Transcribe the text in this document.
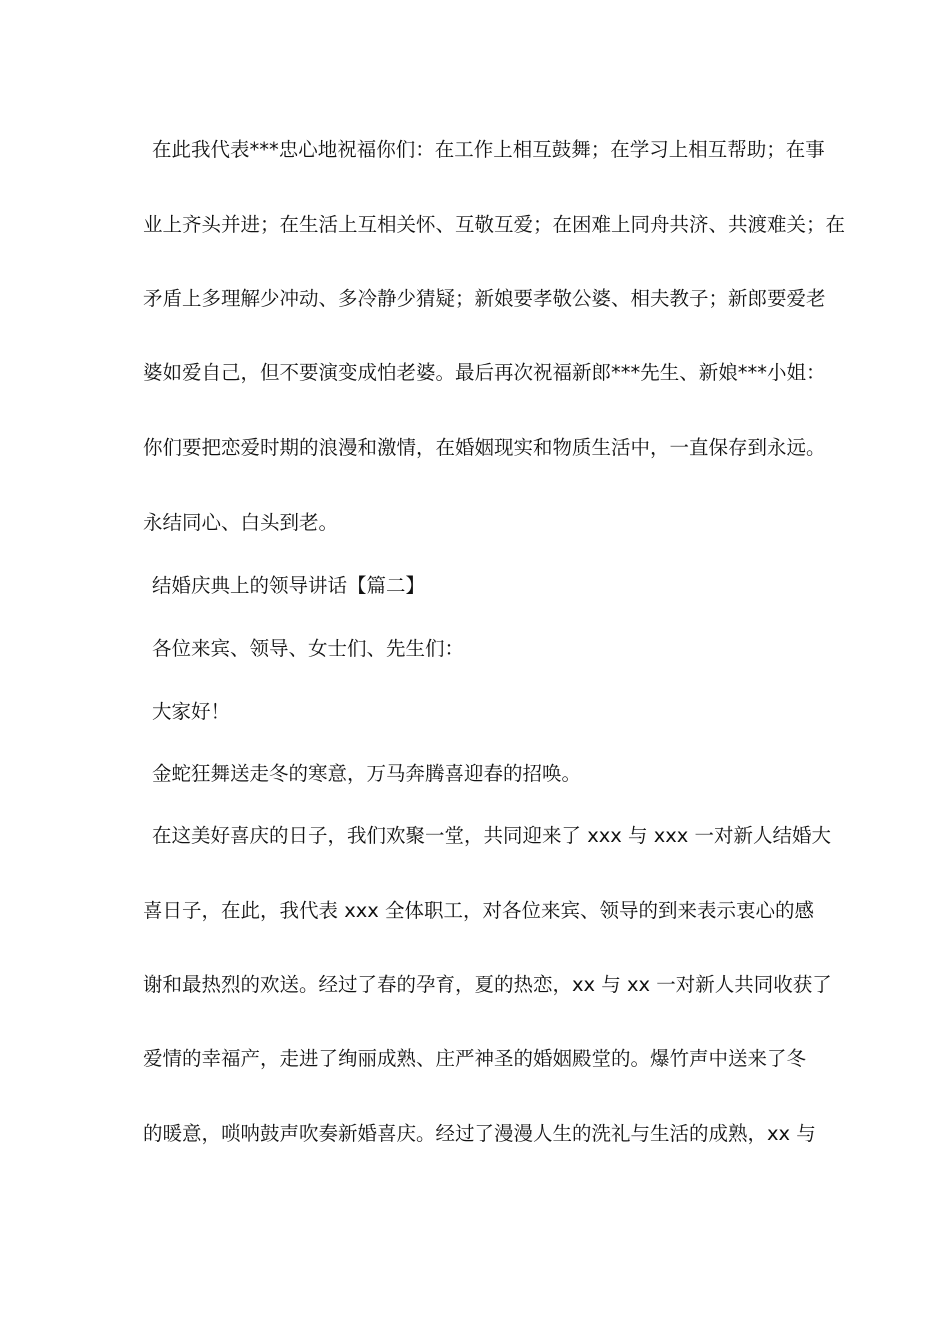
在此我代表***忠心地祝福你们：在工作上相互鼓舞；在学习上相互帮助；在事
业上齐头并进；在生活上互相关怀、互敬互爱；在困难上同舟共济、共渡难关；在
矛盾上多理解少冲动、多冷静少猜疑；新娘要孝敬公婆、相夫教子；新郎要爱老
婆如爱自己，但不要演变成怕老婆。最后再次祝福新郎***先生、新娘***小姐：
你们要把恋爱时期的浪漫和激情，在婚姻现实和物质生活中，一直保存到永远。
永结同心、白头到老。
结婚庆典上的领导讲话【篇二】
各位来宾、领导、女士们、先生们：
大家好！
金蛇狂舞送走冬的寒意，万马奔腾喜迎春的招唤。
在这美好喜庆的日子，我们欢聚一堂，共同迎来了 xxx 与 xxx 一对新人结婚大
喜日子，在此，我代表 xxx 全体职工，对各位来宾、领导的到来表示衷心的感
谢和最热烈的欢送。经过了春的孕育，夏的热恋，xx 与 xx 一对新人共同收获了
爱情的幸福产，走进了绚丽成熟、庄严神圣的婚姻殿堂的。爆竹声中送来了冬
的暖意，唢呐鼓声吹奏新婚喜庆。经过了漫漫人生的洗礼与生活的成熟，xx 与
